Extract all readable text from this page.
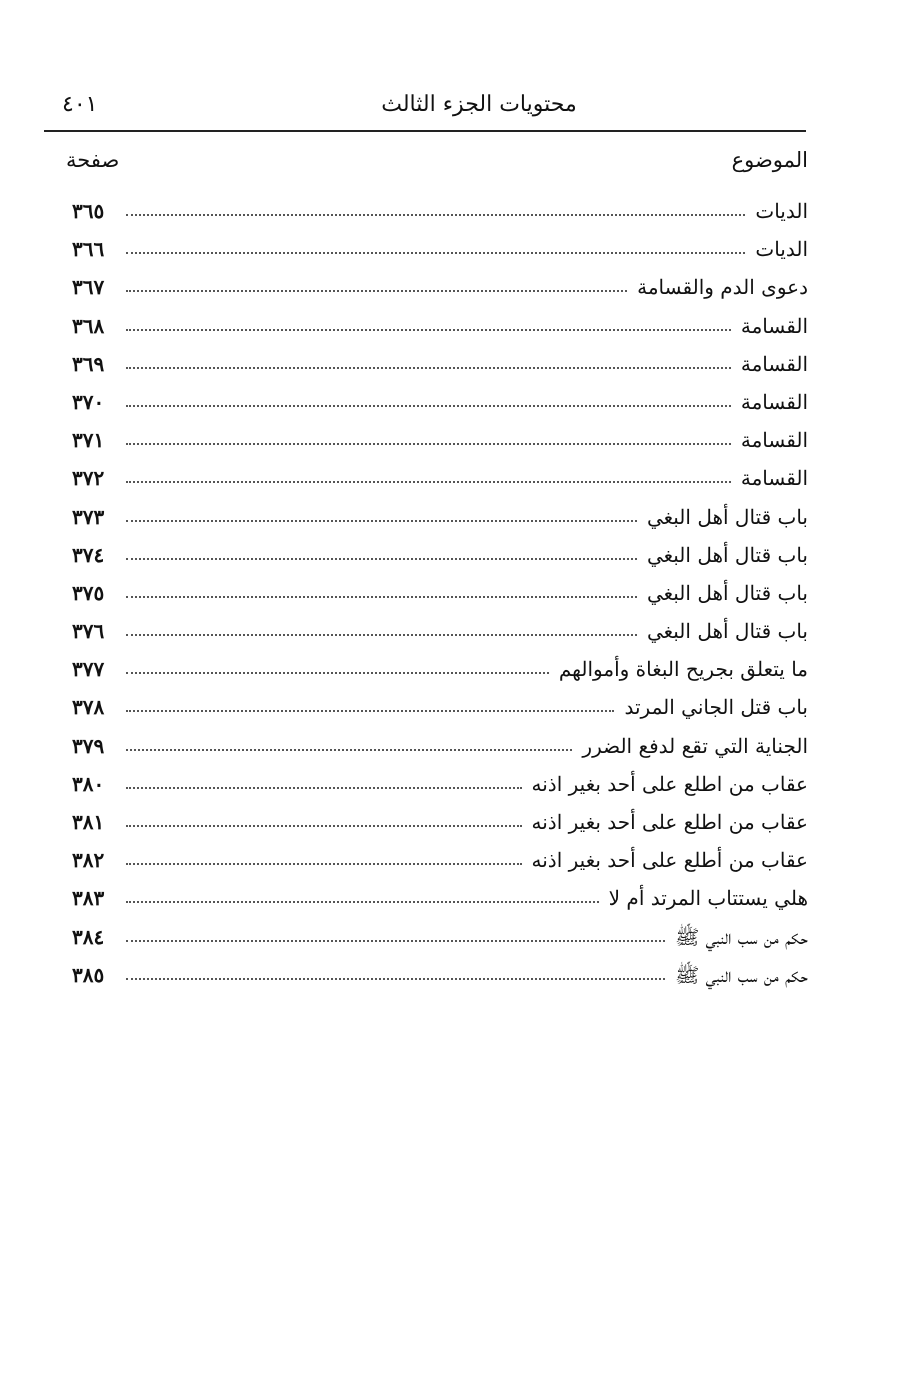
محتويات الجزء الثالث
٤٠١
الموضوع
صفحة
الديات
٣٦٥
الديات
٣٦٦
دعوى الدم والقسامة
٣٦٧
القسامة
٣٦٨
القسامة
٣٦٩
القسامة
٣٧٠
القسامة
٣٧١
القسامة
٣٧٢
باب قتال أهل البغي
٣٧٣
باب قتال أهل البغي
٣٧٤
باب قتال أهل البغي
٣٧٥
باب قتال أهل البغي
٣٧٦
ما يتعلق بجريح البغاة وأموالهم
٣٧٧
باب قتل الجاني المرتد
٣٧٨
الجناية التي تقع لدفع الضرر
٣٧٩
عقاب من اطلع على أحد بغير اذنه
٣٨٠
عقاب من اطلع على أحد بغير اذنه
٣٨١
عقاب من أطلع على أحد بغير اذنه
٣٨٢
هلي يستتاب المرتد أم لا
٣٨٣
حكم من سب النبي ﷺ
٣٨٤
حكم من سب النبي ﷺ
٣٨٥
